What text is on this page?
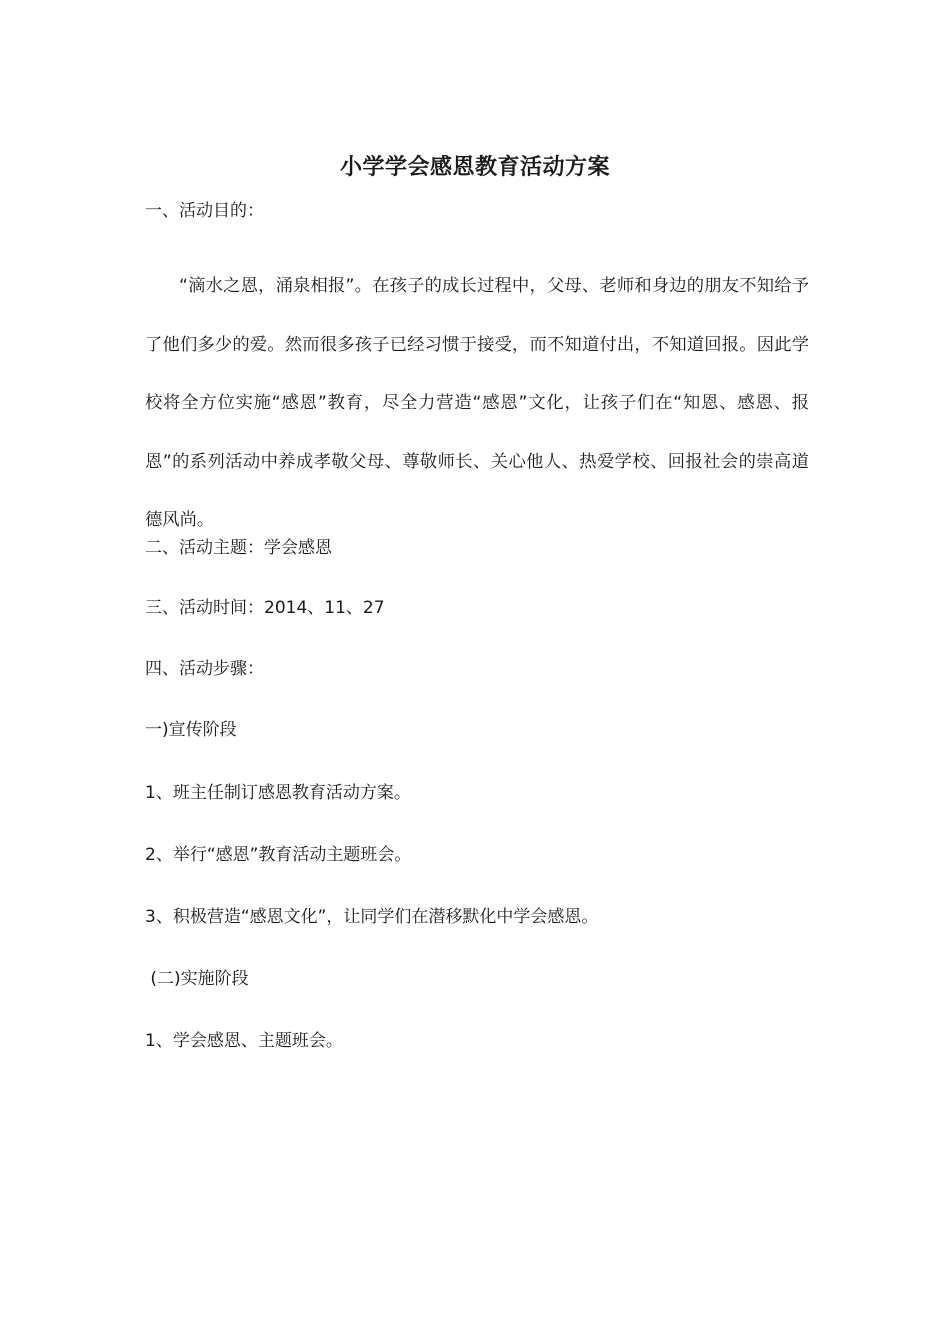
小学学会感恩教育活动方案
一、活动目的：
“滴水之恩，涌泉相报”。在孩子的成长过程中，父母、老师和身边的朋友不知给予了他们多少的爱。然而很多孩子已经习惯于接受，而不知道付出，不知道回报。因此学校将全方位实施“感恩”教育，尽全力营造“感恩”文化，让孩子们在“知恩、感恩、报恩”的系列活动中养成孝敬父母、尊敬师长、关心他人、热爱学校、回报社会的崇高道德风尚。
二、活动主题：学会感恩
三、活动时间：2014、11、27
四、活动步骤：
一)宣传阶段
1、班主任制订感恩教育活动方案。
2、举行“感恩”教育活动主题班会。
3、积极营造“感恩文化”，让同学们在潜移默化中学会感恩。
(二)实施阶段
1、学会感恩、主题班会。
